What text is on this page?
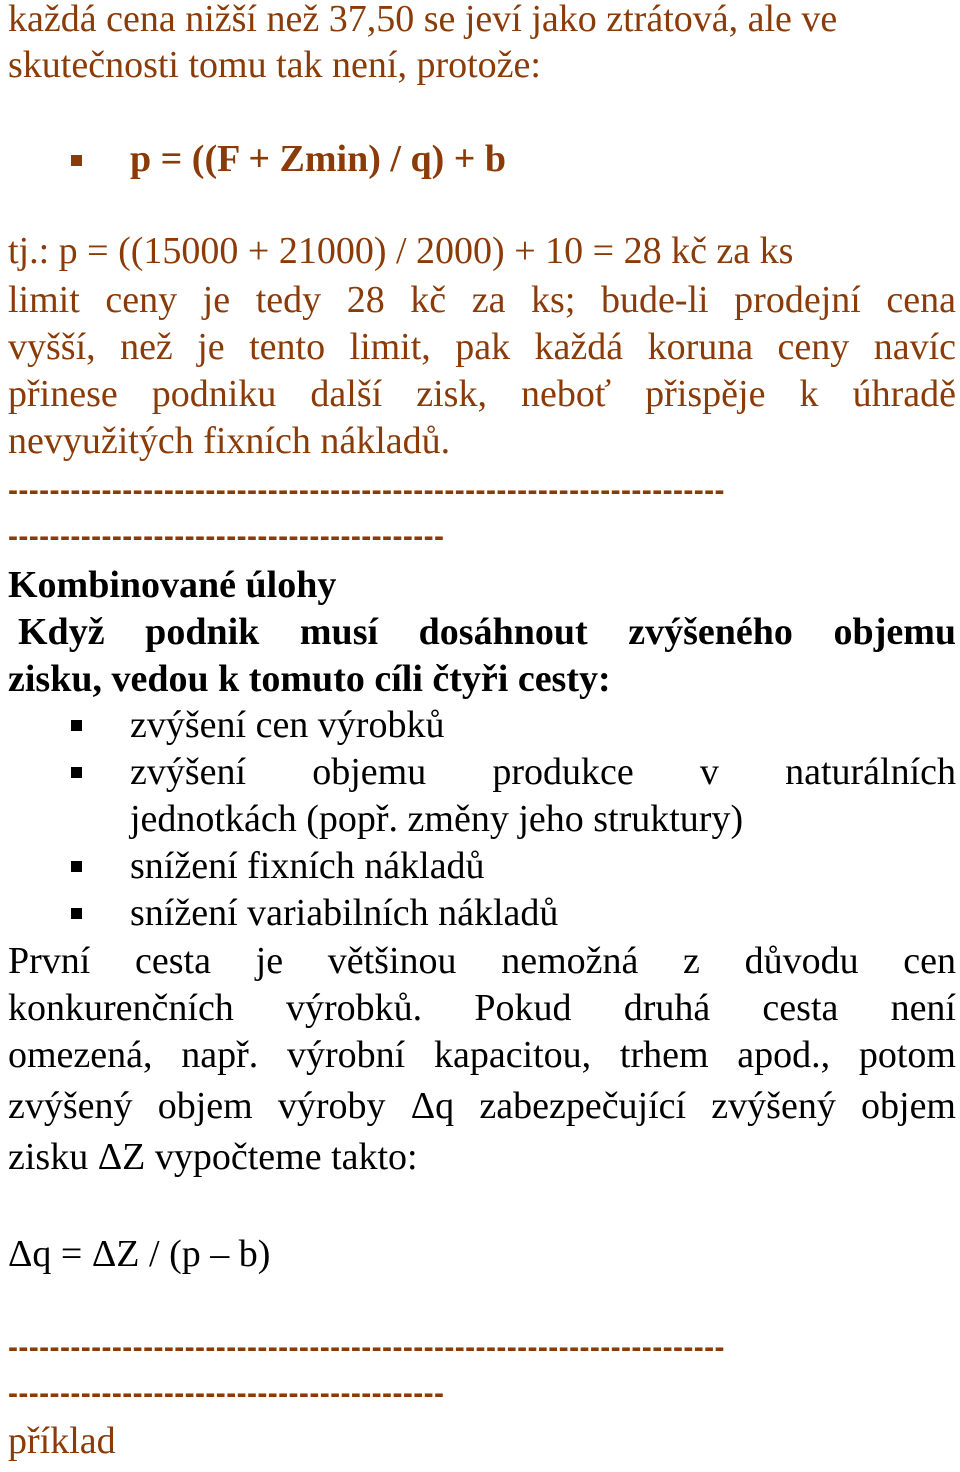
každá cena nižší než 37,50 se jeví jako ztrátová, ale ve
skutečnosti tomu tak není, protože:
p = ((F + Zmin) / q) + b
tj.: p = ((15000 + 21000) / 2000) + 10 = 28 kč za ks
limit ceny je tedy 28 kč za ks; bude-li prodejní cena
vyšší, než je tento limit, pak každá koruna ceny navíc
přinese podniku další zisk, neboť přispěje k úhradě
nevyužitých fixních nákladů.
---------------------------------------------------------------------
------------------------------------------
Kombinované úlohy
Když podnik musí dosáhnout zvýšeného objemu
zisku, vedou k tomuto cíli čtyři cesty:
zvýšení cen výrobků
zvýšení objemu produkce v naturálních
jednotkách (popř. změny jeho struktury)
snížení fixních nákladů
snížení variabilních nákladů
První cesta je většinou nemožná z důvodu cen
konkurenčních výrobků. Pokud druhá cesta není
omezená, např. výrobní kapacitou, trhem apod., potom
zvýšený objem výroby Δq zabezpečující zvýšený objem
zisku ΔZ vypočteme takto:
Δq = ΔZ / (p – b)
---------------------------------------------------------------------
------------------------------------------
příklad
